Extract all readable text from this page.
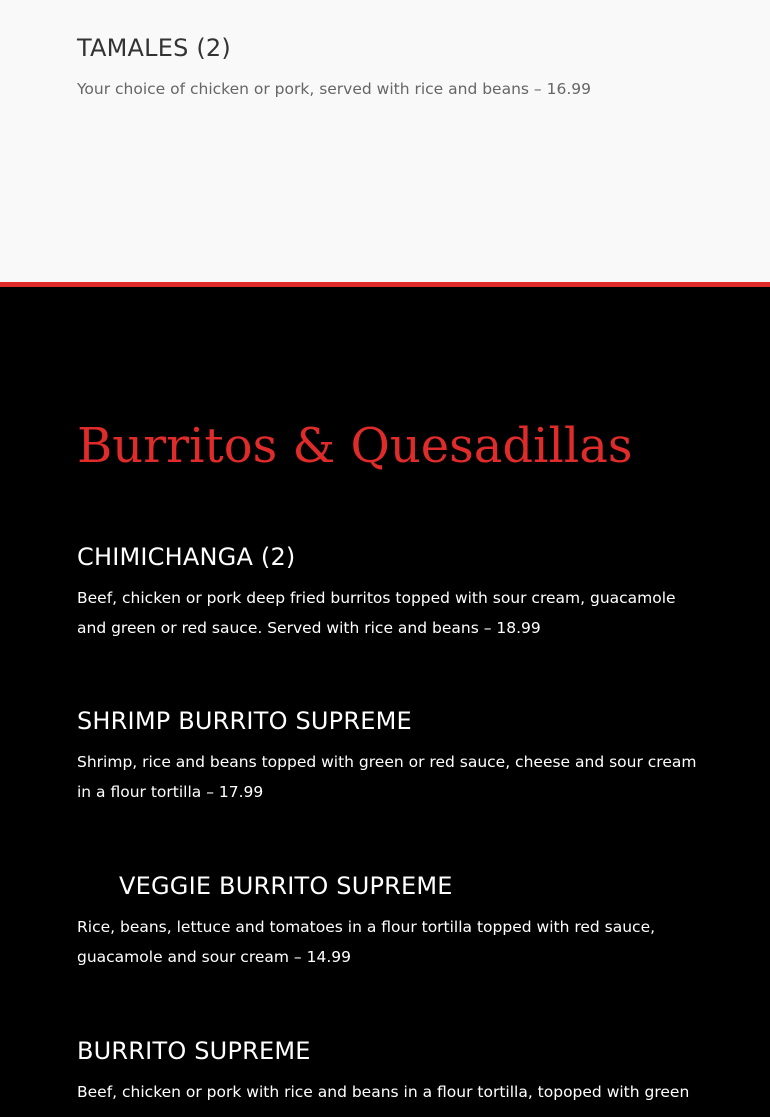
TAMALES (2)

Your choice of chicken or pork, served with rice and beans – 16.99

Burritos & Quesadillas
CHIMICHANGA (2)

Beef, chicken or pork deep fried burritos topped with sour cream, guacamole and green or red sauce. Served with rice and beans – 18.99

SHRIMP BURRITO SUPREME

Shrimp, rice and beans topped with green or red sauce, cheese and sour cream in a flour tortilla – 17.99

VEGGIE BURRITO SUPREME

Rice, beans, lettuce and tomatoes in a flour tortilla topped with red sauce, guacamole and sour cream – 14.99

BURRITO SUPREME

Beef, chicken or pork with rice and beans in a flour tortilla, topoped with green
